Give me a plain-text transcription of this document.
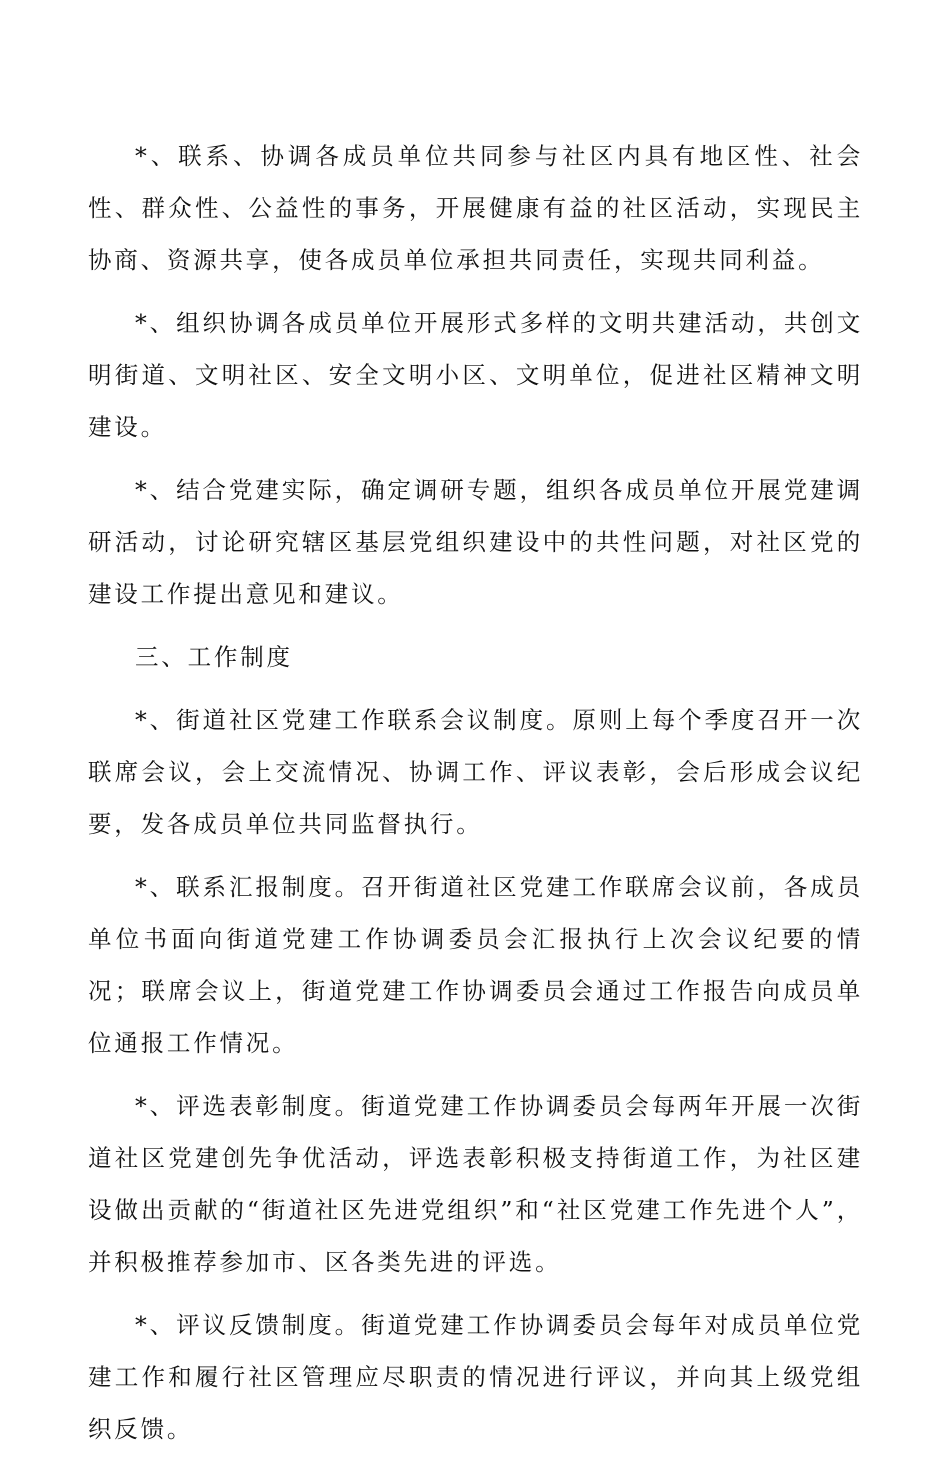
*、联系、协调各成员单位共同参与社区内具有地区性、社会性、群众性、公益性的事务，开展健康有益的社区活动，实现民主协商、资源共享，使各成员单位承担共同责任，实现共同利益。

*、组织协调各成员单位开展形式多样的文明共建活动，共创文明街道、文明社区、安全文明小区、文明单位，促进社区精神文明建设。

*、结合党建实际，确定调研专题，组织各成员单位开展党建调研活动，讨论研究辖区基层党组织建设中的共性问题，对社区党的建设工作提出意见和建议。

三、工作制度

*、街道社区党建工作联系会议制度。原则上每个季度召开一次联席会议，会上交流情况、协调工作、评议表彰，会后形成会议纪要，发各成员单位共同监督执行。

*、联系汇报制度。召开街道社区党建工作联席会议前，各成员单位书面向街道党建工作协调委员会汇报执行上次会议纪要的情况；联席会议上，街道党建工作协调委员会通过工作报告向成员单位通报工作情况。

*、评选表彰制度。街道党建工作协调委员会每两年开展一次街道社区党建创先争优活动，评选表彰积极支持街道工作，为社区建设做出贡献的“街道社区先进党组织”和“社区党建工作先进个人”，并积极推荐参加市、区各类先进的评选。

*、评议反馈制度。街道党建工作协调委员会每年对成员单位党建工作和履行社区管理应尽职责的情况进行评议，并向其上级党组织反馈。
